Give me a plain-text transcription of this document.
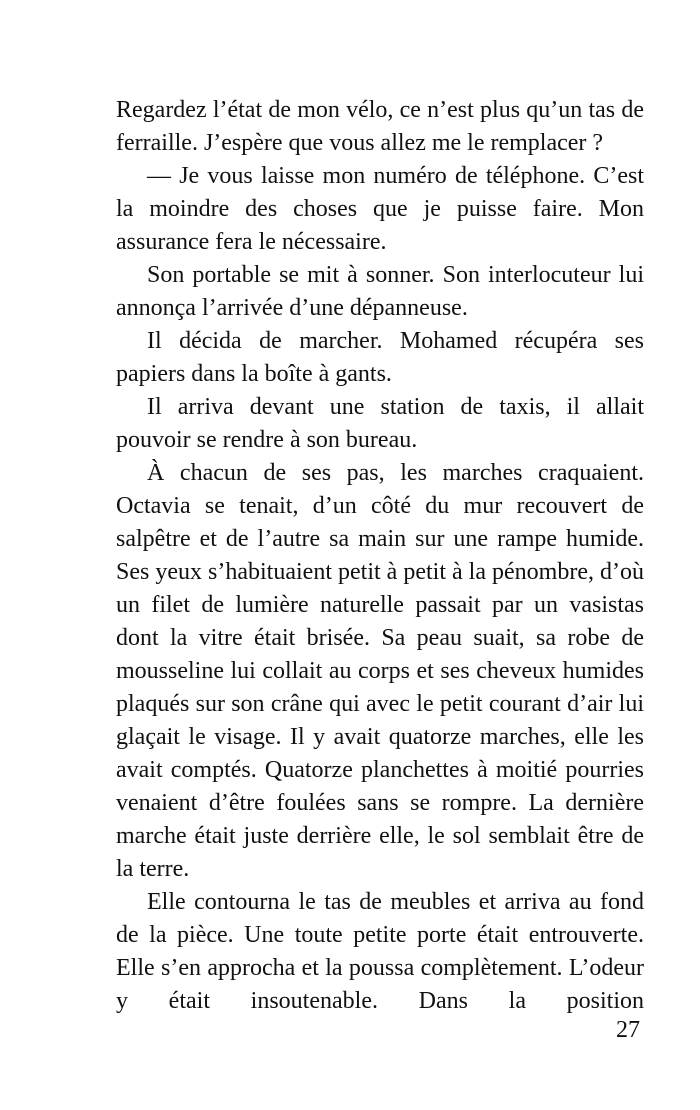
Regardez l’état de mon vélo, ce n’est plus qu’un tas de ferraille. J’espère que vous allez me le remplacer ?

— Je vous laisse mon numéro de téléphone. C’est la moindre des choses que je puisse faire. Mon assurance fera le nécessaire.

Son portable se mit à sonner. Son interlocuteur lui annonça l’arrivée d’une dépanneuse.

Il décida de marcher. Mohamed récupéra ses papiers dans la boîte à gants.

Il arriva devant une station de taxis, il allait pouvoir se rendre à son bureau.

À chacun de ses pas, les marches craquaient. Octavia se tenait, d’un côté du mur recouvert de salpêtre et de l’autre sa main sur une rampe humide. Ses yeux s’habituaient petit à petit à la pénombre, d’où un filet de lumière naturelle passait par un vasistas dont la vitre était brisée. Sa peau suait, sa robe de mousseline lui collait au corps et ses cheveux humides plaqués sur son crâne qui avec le petit courant d’air lui glaçait le visage. Il y avait quatorze marches, elle les avait comptés. Quatorze planchettes à moitié pourries venaient d’être foulées sans se rompre. La dernière marche était juste derrière elle, le sol semblait être de la terre.

Elle contourna le tas de meubles et arriva au fond de la pièce. Une toute petite porte était entrouverte. Elle s’en approcha et la poussa complètement. L’odeur y était insoutenable. Dans la position

27
